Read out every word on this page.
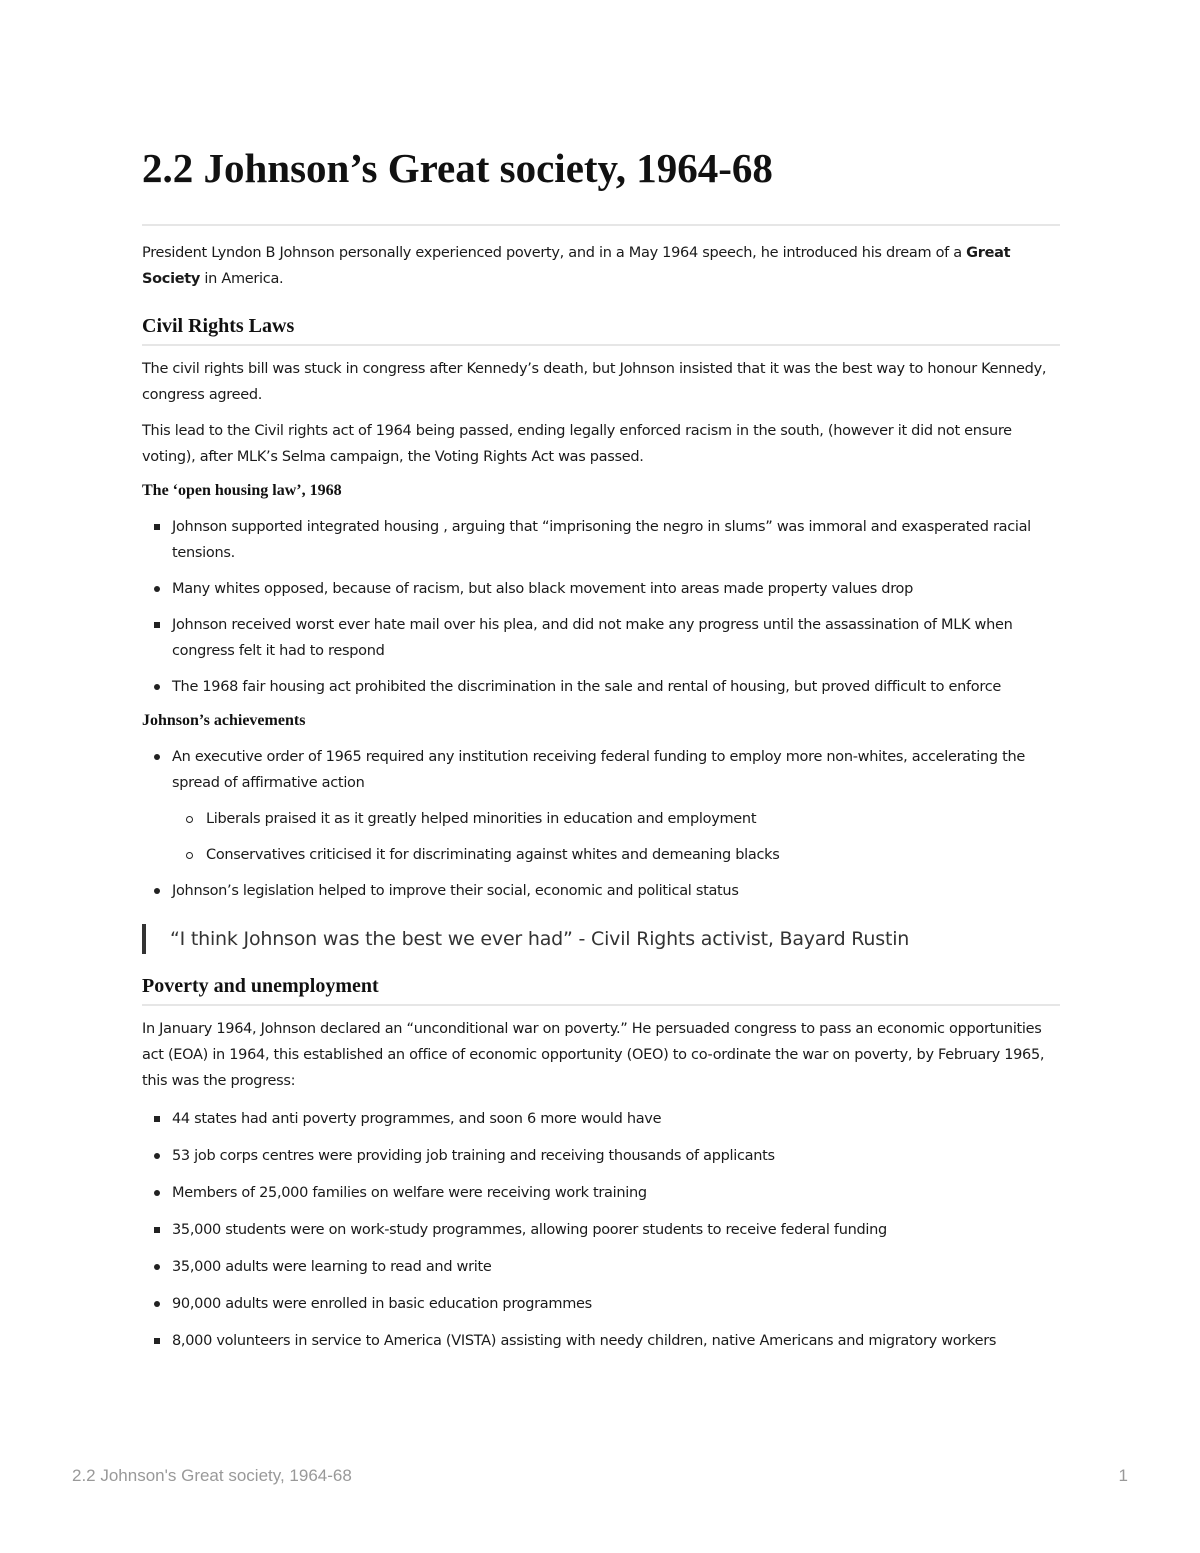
2.2 Johnson’s Great society, 1964-68

President Lyndon B Johnson personally experienced poverty, and in a May 1964 speech, he introduced his dream of a Great Society in America.

Civil Rights Laws

The civil rights bill was stuck in congress after Kennedy’s death, but Johnson insisted that it was the best way to honour Kennedy, congress agreed.

This lead to the Civil rights act of 1964 being passed, ending legally enforced racism in the south, (however it did not ensure voting), after MLK’s Selma campaign, the Voting Rights Act was passed.

The ‘open housing law’, 1968
Johnson supported integrated housing , arguing that “imprisoning the negro in slums” was immoral and exasperated racial tensions.
Many whites opposed, because of racism, but also black movement into areas made property values drop
Johnson received worst ever hate mail over his plea, and did not make any progress until the assassination of MLK when congress felt it had to respond
The 1968 fair housing act prohibited the discrimination in the sale and rental of housing, but proved difficult to enforce
Johnson’s achievements
An executive order of 1965 required any institution receiving federal funding to employ more non-whites, accelerating the spread of affirmative action
Liberals praised it as it greatly helped minorities in education and employment
Conservatives criticised it for discriminating against whites and demeaning blacks
Johnson’s legislation helped to improve their social, economic and political status
“I think Johnson was the best we ever had” - Civil Rights activist, Bayard Rustin
Poverty and unemployment

In January 1964, Johnson declared an “unconditional war on poverty.” He persuaded congress to pass an economic opportunities act (EOA) in 1964, this established an office of economic opportunity (OEO) to co-ordinate the war on poverty, by February 1965, this was the progress:

44 states had anti poverty programmes, and soon 6 more would have
53 job corps centres were providing job training and receiving thousands of applicants
Members of 25,000 families on welfare were receiving work training
35,000 students were on work-study programmes, allowing poorer students to receive federal funding
35,000 adults were learning to read and write
90,000 adults were enrolled in basic education programmes
8,000 volunteers in service to America (VISTA) assisting with needy children, native Americans and migratory workers
2.2 Johnson's Great society, 1964-68	1
